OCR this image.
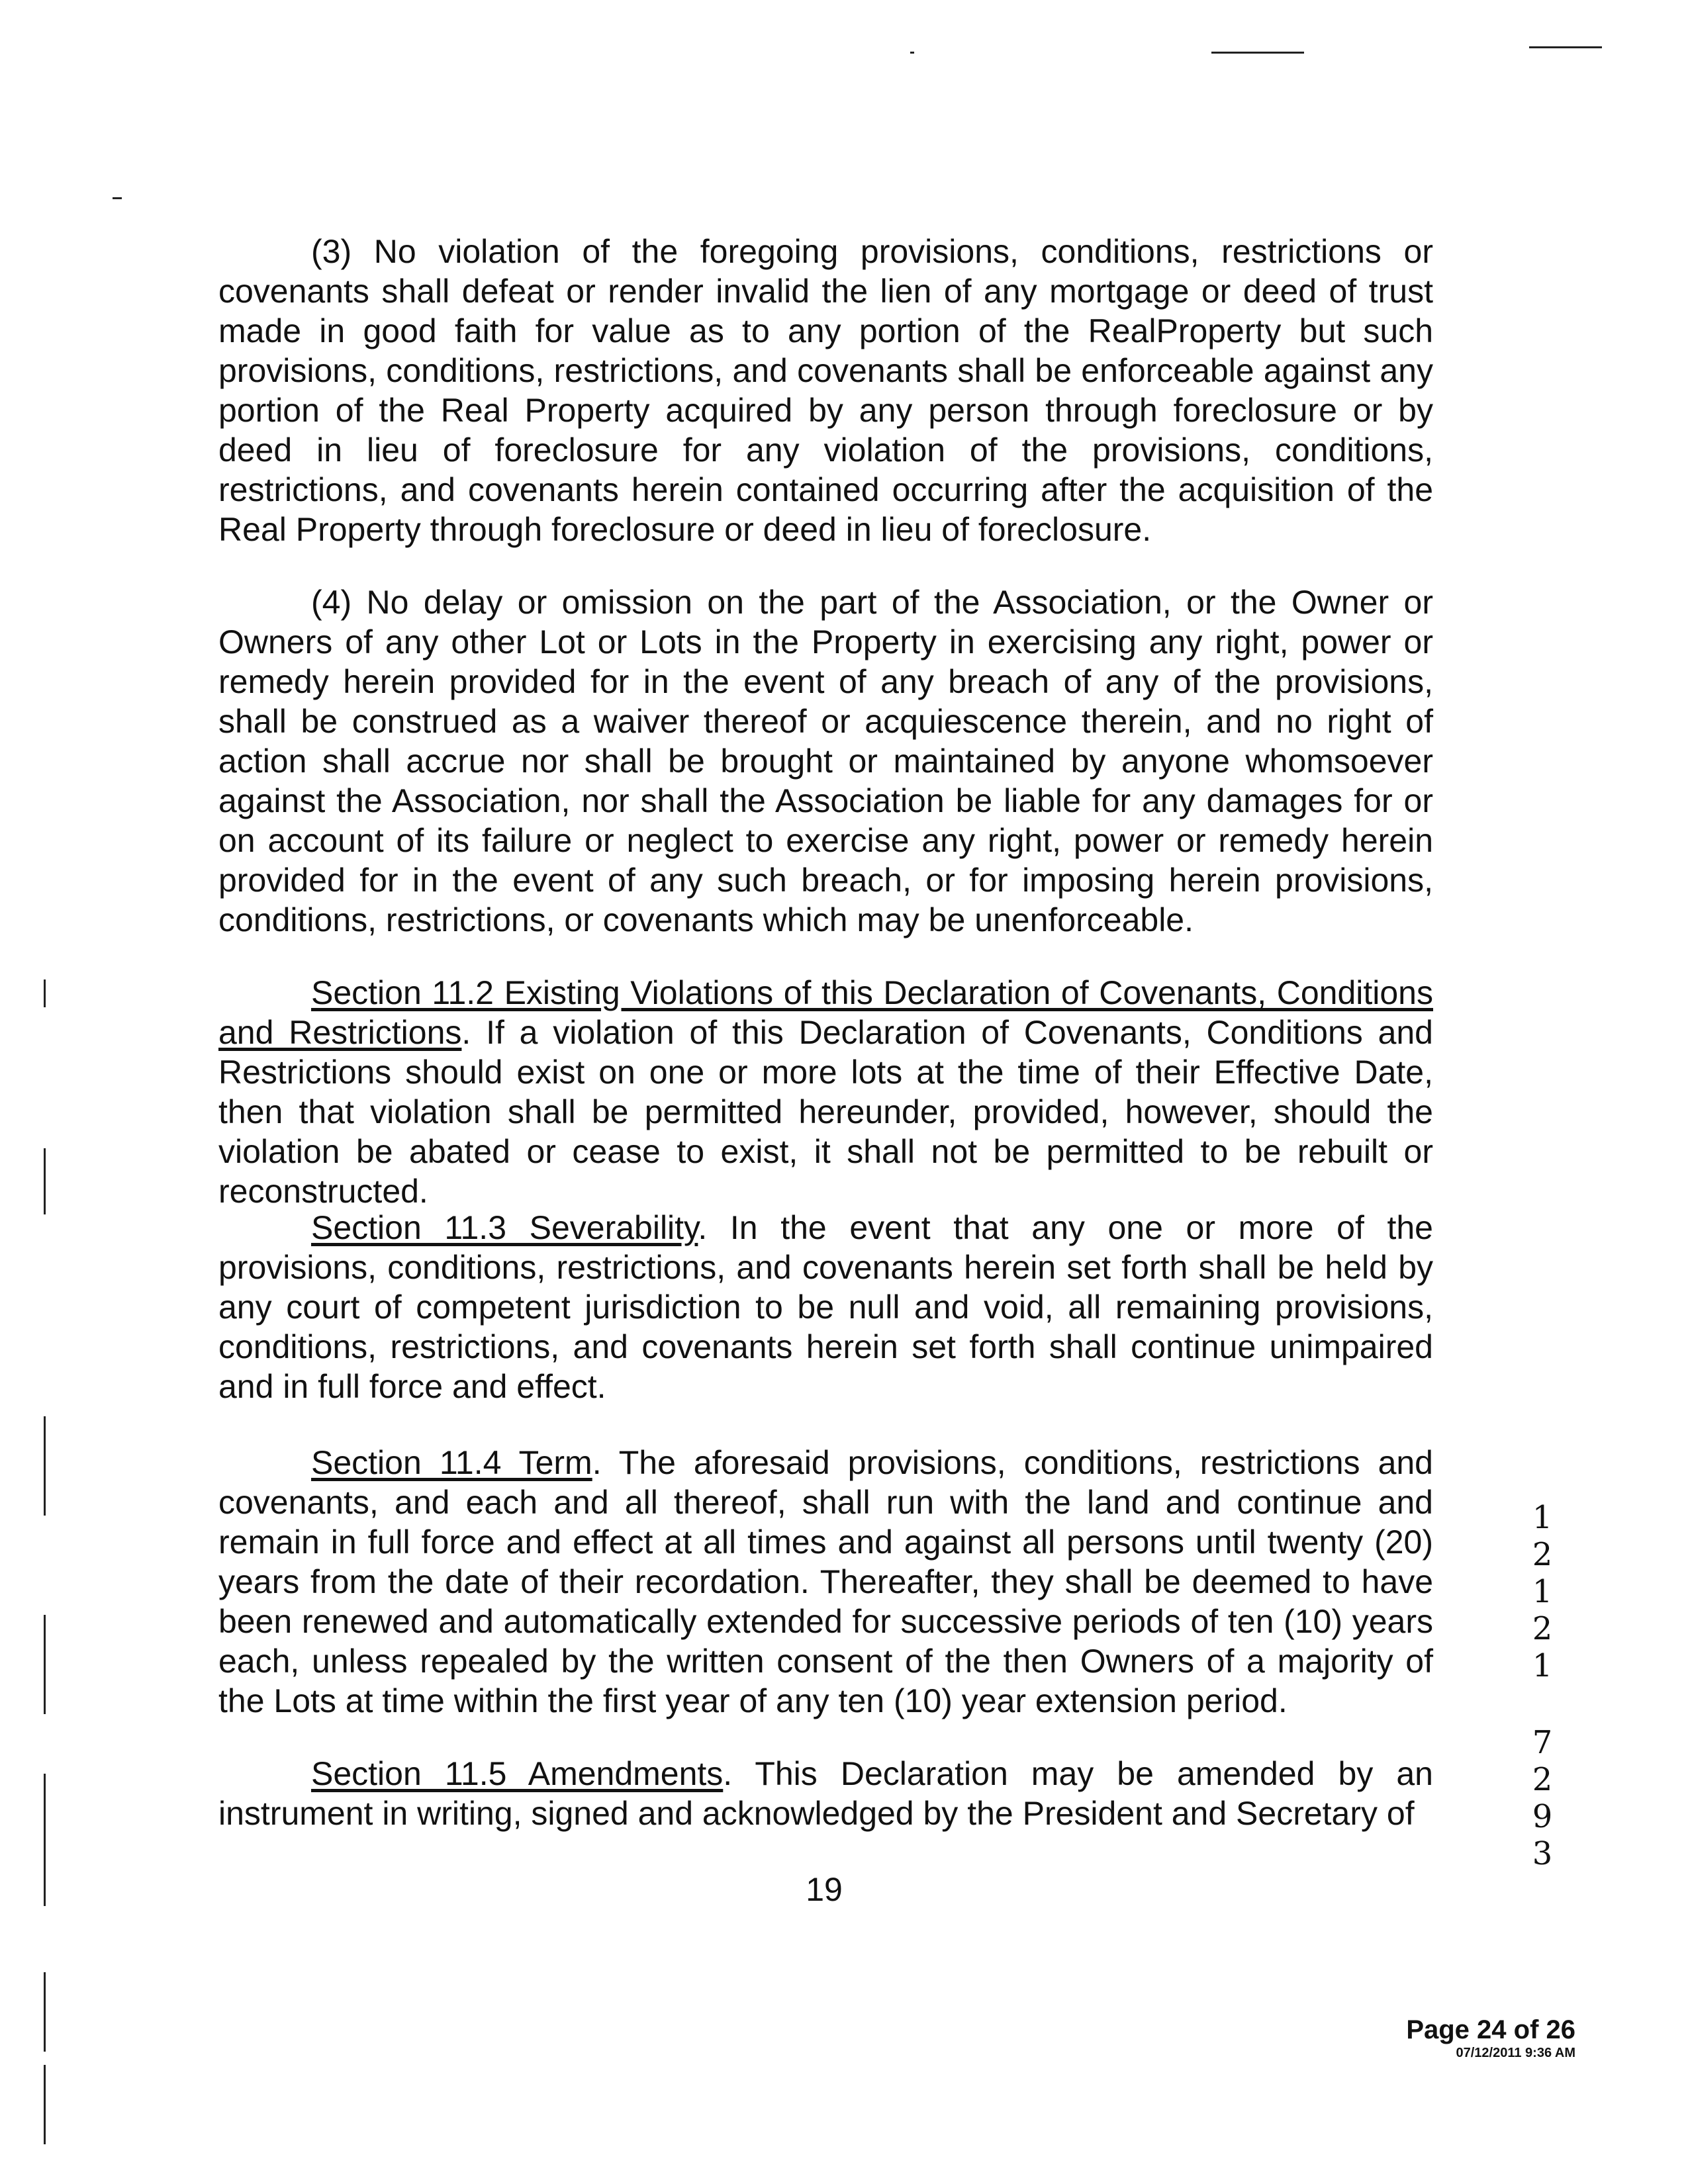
(3) No violation of the foregoing provisions, conditions, restrictions or covenants shall defeat or render invalid the lien of any mortgage or deed of trust made in good faith for value as to any portion of the RealProperty but such provisions, conditions, restrictions, and covenants shall be enforceable against any portion of the Real Property acquired by any person through foreclosure or by deed in lieu of foreclosure for any violation of the provisions, conditions, restrictions, and covenants herein contained occurring after the acquisition of the Real Property through foreclosure or deed in lieu of foreclosure.

(4) No delay or omission on the part of the Association, or the Owner or Owners of any other Lot or Lots in the Property in exercising any right, power or remedy herein provided for in the event of any breach of any of the provisions, shall be construed as a waiver thereof or acquiescence therein, and no right of action shall accrue nor shall be brought or maintained by anyone whomsoever against the Association, nor shall the Association be liable for any damages for or on account of its failure or neglect to exercise any right, power or remedy herein provided for in the event of any such breach, or for imposing herein provisions, conditions, restrictions, or covenants which may be unenforceable.

Section 11.2 Existing Violations of this Declaration of Covenants, Conditions and Restrictions. If a violation of this Declaration of Covenants, Conditions and Restrictions should exist on one or more lots at the time of their Effective Date, then that violation shall be permitted hereunder, provided, however, should the violation be abated or cease to exist, it shall not be permitted to be rebuilt or reconstructed.

Section 11.3 Severability. In the event that any one or more of the provisions, conditions, restrictions, and covenants herein set forth shall be held by any court of competent jurisdiction to be null and void, all remaining provisions, conditions, restrictions, and covenants herein set forth shall continue unimpaired and in full force and effect.

Section 11.4 Term. The aforesaid provisions, conditions, restrictions and covenants, and each and all thereof, shall run with the land and continue and remain in full force and effect at all times and against all persons until twenty (20) years from the date of their recordation. Thereafter, they shall be deemed to have been renewed and automatically extended for successive periods of ten (10) years each, unless repealed by the written consent of the then Owners of a majority of the Lots at time within the first year of any ten (10) year extension period.

Section 11.5 Amendments. This Declaration may be amended by an instrument in writing, signed and acknowledged by the President and Secretary of

19
1
2
1
2
1
7
2
9
3
Page 24 of 26
07/12/2011 9:36 AM
